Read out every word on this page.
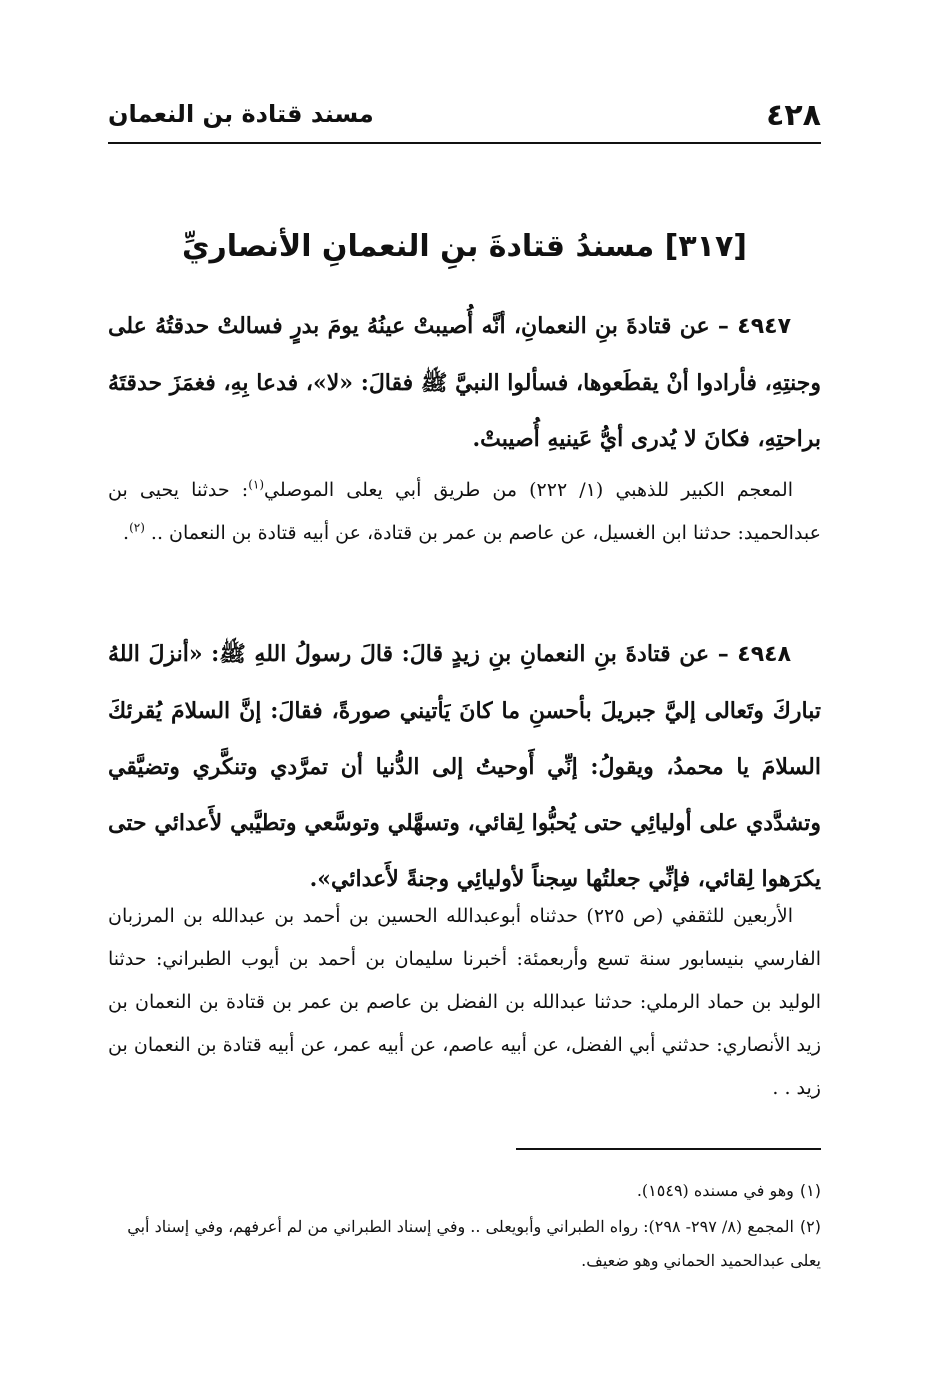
٤٢٨
مسند قتادة بن النعمان
[٣١٧] مسندُ قتادةَ بنِ النعمانِ الأنصاريِّ

٤٩٤٧ – عن قتادةَ بنِ النعمانِ، أنَّه أُصيبتْ عينُهُ يومَ بدرٍ فسالتْ حدقتُهُ على وجنتِهِ، فأرادوا أنْ يقطَعوها، فسألوا النبيَّ ﷺ فقالَ: «لا»، فدعا بِهِ، فغمَزَ حدقتَهُ براحتِهِ، فكانَ لا يُدرى أيُّ عَينيهِ أُصيبتْ.

المعجم الكبير للذهبي (١/ ٢٢٢) من طريق أبي يعلى الموصلي$^{(١)}$: حدثنا يحيى بن عبدالحميد: حدثنا ابن الغسيل، عن عاصم بن عمر بن قتادة، عن أبيه قتادة بن النعمان .. $^{(٢)}$.

٤٩٤٨ – عن قتادةَ بنِ النعمانِ بنِ زيدٍ قالَ: قالَ رسولُ اللهِ ﷺ: «أنزلَ اللهُ تباركَ وتَعالى إليَّ جبريلَ بأحسنِ ما كانَ يَأتيني صورةً، فقالَ: إنَّ السلامَ يُقرئكَ السلامَ يا محمدُ، ويقولُ: إنِّي أَوحيتُ إلى الدُّنيا أن تمرَّدي وتنكَّري وتضيَّقي وتشدَّدي على أوليائِي حتى يُحبُّوا لِقائي، وتسهَّلي وتوسَّعي وتطيَّبي لأَعدائي حتى يكرَهوا لِقائي، فإنِّي جعلتُها سِجناً لأوليائِي وجنةً لأَعدائي».

الأربعين للثقفي (ص ٢٢٥) حدثناه أبوعبدالله الحسين بن أحمد بن عبدالله بن المرزبان الفارسي بنيسابور سنة تسع وأربعمئة: أخبرنا سليمان بن أحمد بن أيوب الطبراني: حدثنا الوليد بن حماد الرملي: حدثنا عبدالله بن الفضل بن عاصم بن عمر بن قتادة بن النعمان بن زيد الأنصاري: حدثني أبي الفضل، عن أبيه عاصم، عن أبيه عمر، عن أبيه قتادة بن النعمان بن زيد . .

(١)وهو في مسنده (١٥٤٩).

(٢)المجمع (٨/ ٢٩٧- ٢٩٨): رواه الطبراني وأبويعلى .. وفي إسناد الطبراني من لم أعرفهم، وفي إسناد أبي يعلى عبدالحميد الحماني وهو ضعيف.
